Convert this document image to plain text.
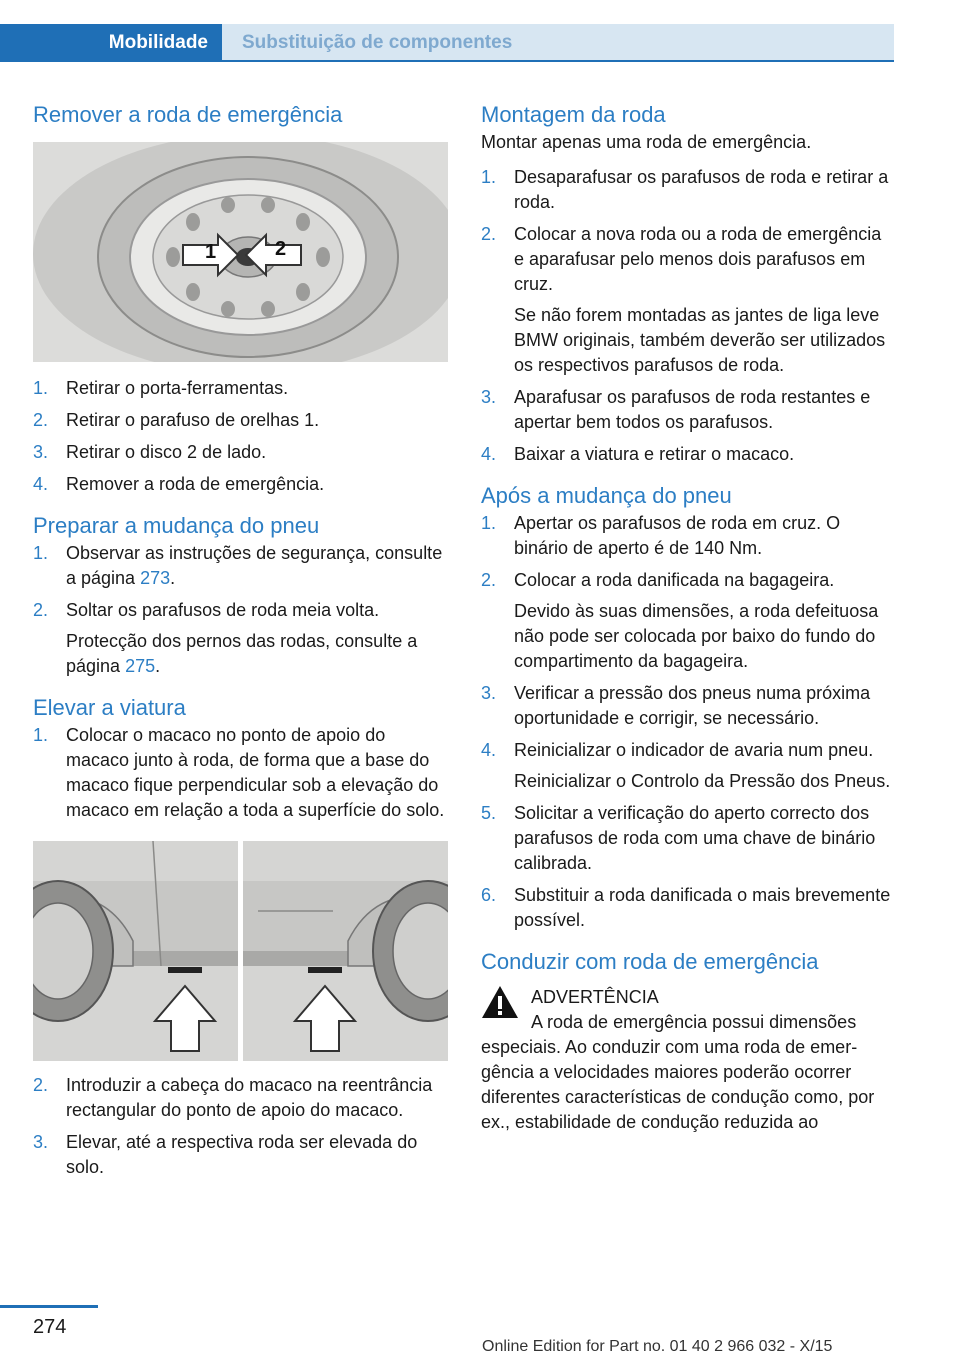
Mobilidade	Substituição de componentes
Remover a roda de emergência
1	2
1. Retirar o porta-ferramentas.
2. Retirar o parafuso de orelhas 1.
3. Retirar o disco 2 de lado.
4. Remover a roda de emergência.
Preparar a mudança do pneu
1. Observar as instruções de segurança, consulte a página 273.
2. Soltar os parafusos de roda meia volta.
Protecção dos pernos das rodas, consulte a página 275.
Elevar a viatura
1. Colocar o macaco no ponto de apoio do macaco junto à roda, de forma que a base do macaco fique perpendicular sob a elevação do macaco em relação a toda a superfície do solo.
2. Introduzir a cabeça do macaco na reentrância rectangular do ponto de apoio do macaco.
3. Elevar, até a respectiva roda ser elevada do solo.
Montagem da roda

Montar apenas uma roda de emergência.

1. Desaparafusar os parafusos de roda e retirar a roda.
2. Colocar a nova roda ou a roda de emergência e aparafusar pelo menos dois parafusos em cruz.
Se não forem montadas as jantes de liga leve BMW originais, também deverão ser utilizados os respectivos parafusos de roda.
3. Aparafusar os parafusos de roda restantes e apertar bem todos os parafusos.
4. Baixar a viatura e retirar o macaco.
Após a mudança do pneu
1. Apertar os parafusos de roda em cruz. O binário de aperto é de 140 Nm.
2. Colocar a roda danificada na bagageira.
Devido às suas dimensões, a roda defeituosa não pode ser colocada por baixo do fundo do compartimento da bagageira.
3. Verificar a pressão dos pneus numa próxima oportunidade e corrigir, se necessário.
4. Reinicializar o indicador de avaria num pneu.
Reinicializar o Controlo da Pressão dos Pneus.
5. Solicitar a verificação do aperto correcto dos parafusos de roda com uma chave de binário calibrada.
6. Substituir a roda danificada o mais brevemente possível.
Conduzir com roda de emergência
ADVERTÊNCIA
A roda de emergência possui dimensões especiais. Ao conduzir com uma roda de emergência a velocidades maiores poderão ocorrer diferentes características de condução como, por ex., estabilidade de condução reduzida ao
274
Online Edition for Part no. 01 40 2 966 032 - X/15
